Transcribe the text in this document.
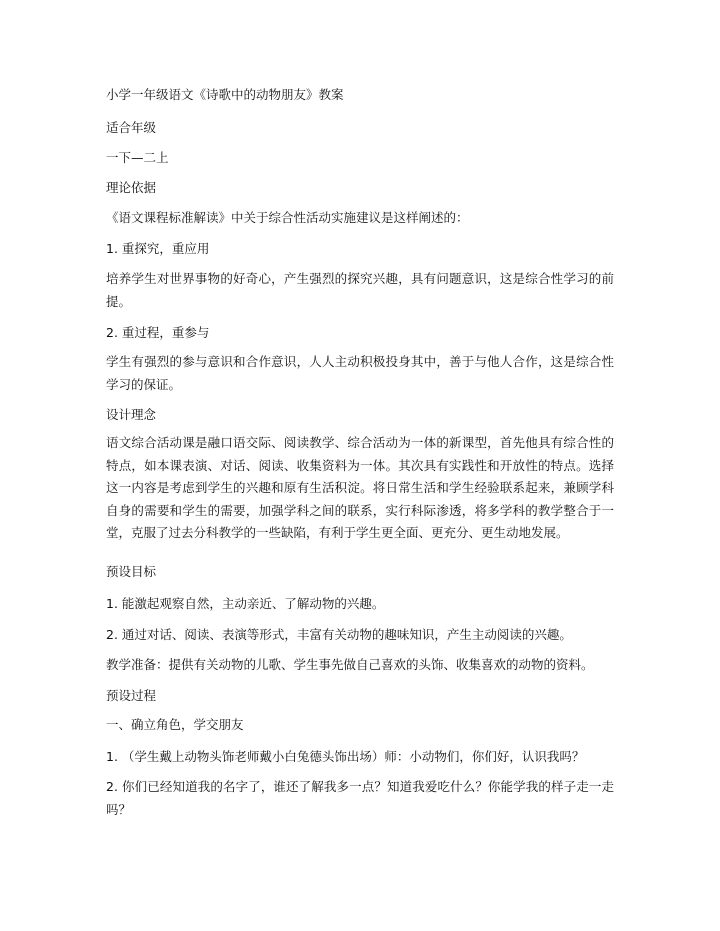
小学一年级语文《诗歌中的动物朋友》教案
适合年级
一下—二上
理论依据
《语文课程标准解读》中关于综合性活动实施建议是这样阐述的：
1. 重探究，重应用
培养学生对世界事物的好奇心，产生强烈的探究兴趣，具有问题意识，这是综合性学习的前提。
2. 重过程，重参与
学生有强烈的参与意识和合作意识，人人主动积极投身其中，善于与他人合作，这是综合性学习的保证。
设计理念
语文综合活动课是融口语交际、阅读教学、综合活动为一体的新课型，首先他具有综合性的特点，如本课表演、对话、阅读、收集资料为一体。其次具有实践性和开放性的特点。选择这一内容是考虑到学生的兴趣和原有生活积淀。将日常生活和学生经验联系起来，兼顾学科自身的需要和学生的需要，加强学科之间的联系，实行科际渗透，将多学科的教学整合于一堂，克服了过去分科教学的一些缺陷，有利于学生更全面、更充分、更生动地发展。
预设目标
1. 能激起观察自然，主动亲近、了解动物的兴趣。
2. 通过对话、阅读、表演等形式，丰富有关动物的趣味知识，产生主动阅读的兴趣。
教学准备：提供有关动物的儿歌、学生事先做自己喜欢的头饰、收集喜欢的动物的资料。
预设过程
一、确立角色，学交朋友
1. （学生戴上动物头饰老师戴小白兔德头饰出场）师：小动物们，你们好，认识我吗？
2. 你们已经知道我的名字了，谁还了解我多一点？知道我爱吃什么？你能学我的样子走一走吗？
